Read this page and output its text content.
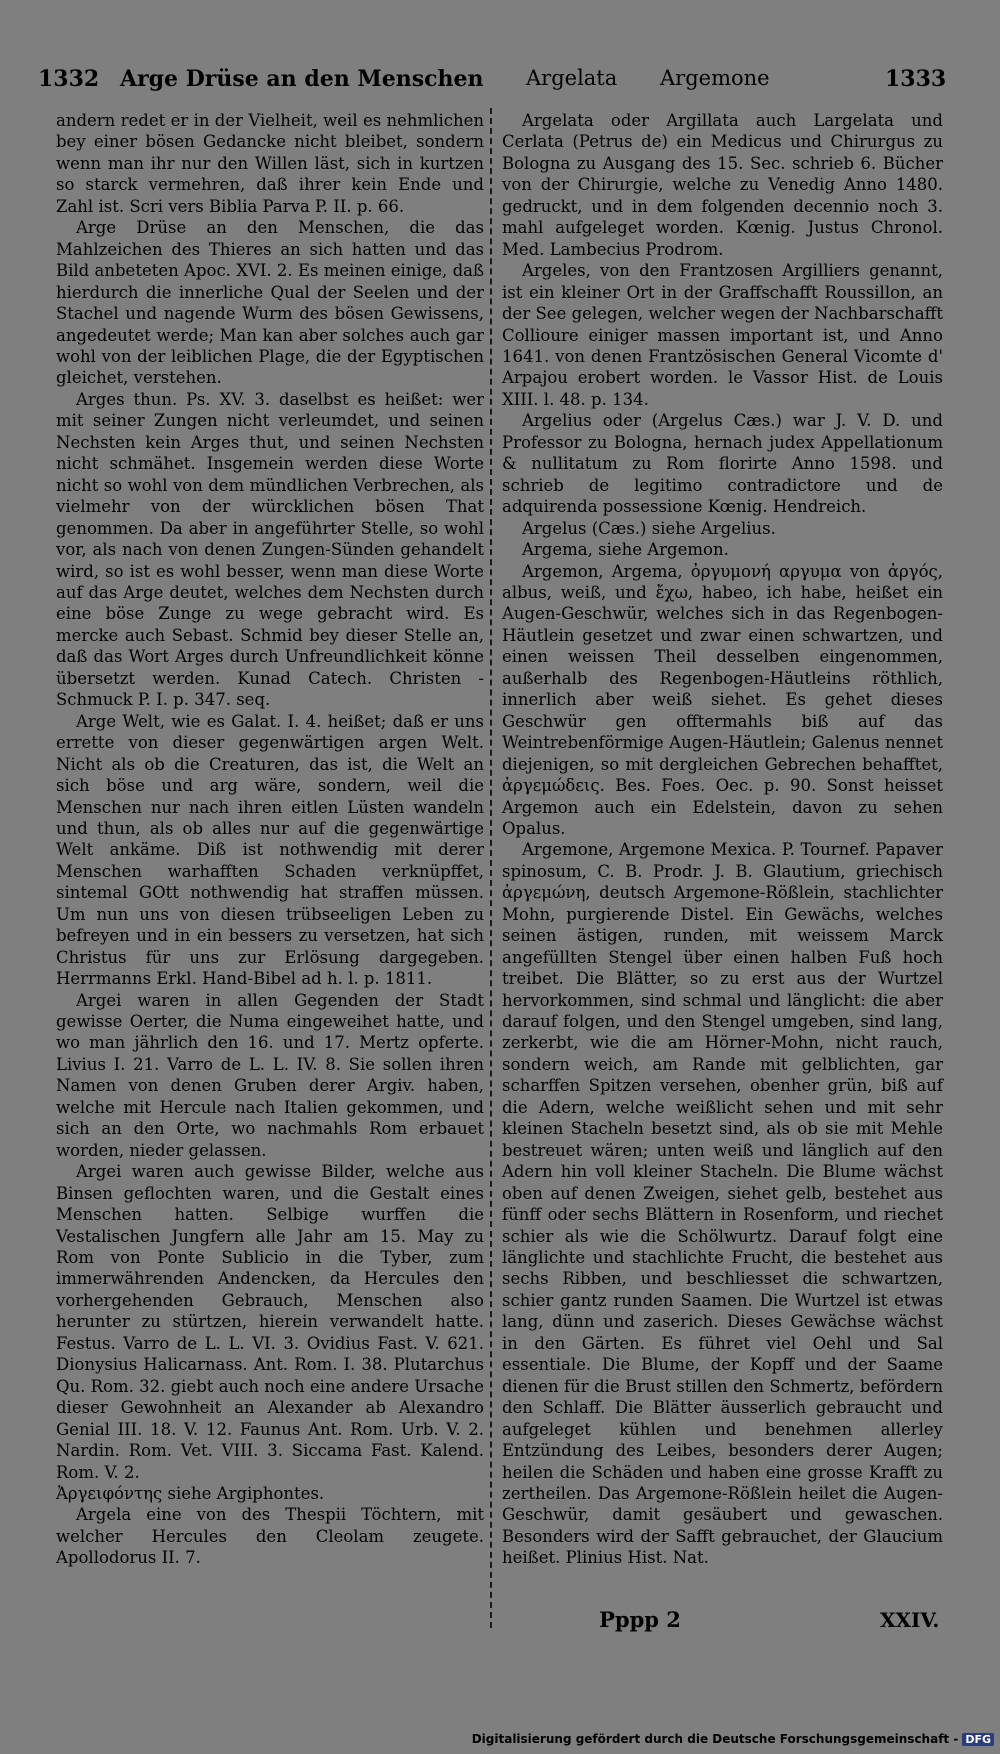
1332 Arge Drüse an den Menschen Argelata Argemone	1333

andern redet er in der Vielheit, weil es nehmlichen bey einer bösen Gedancke nicht bleibet, sondern wenn man ihr nur den Willen läst, sich in kurtzen so starck vermehren, daß ihrer kein Ende und Zahl ist. Scri vers Biblia Parva P. II. p. 66.

Arge Drüse an den Menschen, die das Mahlzeichen des Thieres an sich hatten und das Bild anbeteten Apoc. XVI. 2. Es meinen einige, daß hierdurch die innerliche Qual der Seelen und der Stachel und nagende Wurm des bösen Gewissens, angedeutet werde; Man kan aber solches auch gar wohl von der leiblichen Plage, die der Egyptischen gleichet, verstehen.

Arges thun. Ps. XV. 3. daselbst es heißet: wer mit seiner Zungen nicht verleumdet, und seinen Nechsten kein Arges thut, und seinen Nechsten nicht schmähet. Insgemein werden diese Worte nicht so wohl von dem mündlichen Verbrechen, als vielmehr von der würcklichen bösen That genommen. Da aber in angeführter Stelle, so wohl vor, als nach von denen Zungen-Sünden gehandelt wird, so ist es wohl besser, wenn man diese Worte auf das Arge deutet, welches dem Nechsten durch eine böse Zunge zu wege gebracht wird. Es mercke auch Sebast. Schmid bey dieser Stelle an, daß das Wort Arges durch Unfreundlichkeit könne übersetzt werden. Kunad Catech. Christen - Schmuck P. I. p. 347. seq.

Arge Welt, wie es Galat. I. 4. heißet; daß er uns errette von dieser gegenwärtigen argen Welt. Nicht als ob die Creaturen, das ist, die Welt an sich böse und arg wäre, sondern, weil die Menschen nur nach ihren eitlen Lüsten wandeln und thun, als ob alles nur auf die gegenwärtige Welt ankäme. Diß ist nothwendig mit derer Menschen warhafften Schaden verknüpffet, sintemal GOtt nothwendig hat straffen müssen. Um nun uns von diesen trübseeligen Leben zu befreyen und in ein bessers zu versetzen, hat sich Christus für uns zur Erlösung dargegeben. Herrmanns Erkl. Hand-Bibel ad h. l. p. 1811.

Argei waren in allen Gegenden der Stadt gewisse Oerter, die Numa eingeweihet hatte, und wo man jährlich den 16. und 17. Mertz opferte. Livius I. 21. Varro de L. L. IV. 8. Sie sollen ihren Namen von denen Gruben derer Argiv. haben, welche mit Hercule nach Italien gekommen, und sich an den Orte, wo nachmahls Rom erbauet worden, nieder gelassen.

Argei waren auch gewisse Bilder, welche aus Binsen geflochten waren, und die Gestalt eines Menschen hatten. Selbige wurffen die Vestalischen Jungfern alle Jahr am 15. May zu Rom von Ponte Sublicio in die Tyber, zum immerwährenden Andencken, da Hercules den vorhergehenden Gebrauch, Menschen also herunter zu stürtzen, hierein verwandelt hatte. Festus. Varro de L. L. VI. 3. Ovidius Fast. V. 621. Dionysius Halicarnass. Ant. Rom. I. 38. Plutarchus Qu. Rom. 32. giebt auch noch eine andere Ursache dieser Gewohnheit an Alexander ab Alexandro Genial III. 18. V. 12. Faunus Ant. Rom. Urb. V. 2. Nardin. Rom. Vet. VIII. 3. Siccama Fast. Kalend. Rom. V. 2.

Ἀργειφόντης siehe Argiphontes.

Argela eine von des Thespii Töchtern, mit welcher Hercules den Cleolam zeugete. Apollodorus II. 7.

Argelata oder Argillata auch Largelata und Cerlata (Petrus de) ein Medicus und Chirurgus zu Bologna zu Ausgang des 15. Sec. schrieb 6. Bücher von der Chirurgie, welche zu Venedig Anno 1480. gedruckt, und in dem folgenden decennio noch 3. mahl aufgeleget worden. Kœnig. Justus Chronol. Med. Lambecius Prodrom.

Argeles, von den Frantzosen Argilliers genannt, ist ein kleiner Ort in der Graffschafft Roussillon, an der See gelegen, welcher wegen der Nachbarschafft Collioure einiger massen important ist, und Anno 1641. von denen Frantzösischen General Vicomte d' Arpajou erobert worden. le Vassor Hist. de Louis XIII. l. 48. p. 134.

Argelius oder (Argelus Cæs.) war J. V. D. und Professor zu Bologna, hernach judex Appellationum & nullitatum zu Rom florirte Anno 1598. und schrieb de legitimo contradictore und de adquirenda possessione Kœnig. Hendreich.

Argelus (Cæs.) siehe Argelius.

Argema, siehe Argemon.

Argemon, Argema, ὀργυμονή αργυμα von ἀργός, albus, weiß, und ἔχω, habeo, ich habe, heißet ein Augen-Geschwür, welches sich in das Regenbogen-Häutlein gesetzet und zwar einen schwartzen, und einen weissen Theil desselben eingenommen, außerhalb des Regenbogen-Häutleins röthlich, innerlich aber weiß siehet. Es gehet dieses Geschwür gen offtermahls biß auf das Weintrebenförmige Augen-Häutlein; Galenus nennet diejenigen, so mit dergleichen Gebrechen behafftet, ἀργεμώδεις. Bes. Foes. Oec. p. 90. Sonst heisset Argemon auch ein Edelstein, davon zu sehen Opalus.

Argemone, Argemone Mexica. P. Tournef. Papaver spinosum, C. B. Prodr. J. B. Glautium, griechisch ἀργεμώνη, deutsch Argemone-Rößlein, stachlichter Mohn, purgierende Distel. Ein Gewächs, welches seinen ästigen, runden, mit weissem Marck angefüllten Stengel über einen halben Fuß hoch treibet. Die Blätter, so zu erst aus der Wurtzel hervorkommen, sind schmal und länglicht: die aber darauf folgen, und den Stengel umgeben, sind lang, zerkerbt, wie die am Hörner-Mohn, nicht rauch, sondern weich, am Rande mit gelblichten, gar scharffen Spitzen versehen, obenher grün, biß auf die Adern, welche weißlicht sehen und mit sehr kleinen Stacheln besetzt sind, als ob sie mit Mehle bestreuet wären; unten weiß und länglich auf den Adern hin voll kleiner Stacheln. Die Blume wächst oben auf denen Zweigen, siehet gelb, bestehet aus fünff oder sechs Blättern in Rosenform, und riechet schier als wie die Schölwurtz. Darauf folgt eine länglichte und stachlichte Frucht, die bestehet aus sechs Ribben, und beschliesset die schwartzen, schier gantz runden Saamen. Die Wurtzel ist etwas lang, dünn und zaserich. Dieses Gewächse wächst in den Gärten. Es führet viel Oehl und Sal essentiale. Die Blume, der Kopff und der Saame dienen für die Brust stillen den Schmertz, befördern den Schlaff. Die Blätter äusserlich gebraucht und aufgeleget kühlen und benehmen allerley Entzündung des Leibes, besonders derer Augen; heilen die Schäden und haben eine grosse Krafft zu zertheilen. Das Argemone-Rößlein heilet die Augen-Geschwür, damit gesäubert und gewaschen. Besonders wird der Safft gebrauchet, der Glaucium heißet. Plinius Hist. Nat.

Pppp 2	XXIV.
Digitalisierung gefördert durch die Deutsche Forschungsgemeinschaft - DFG
